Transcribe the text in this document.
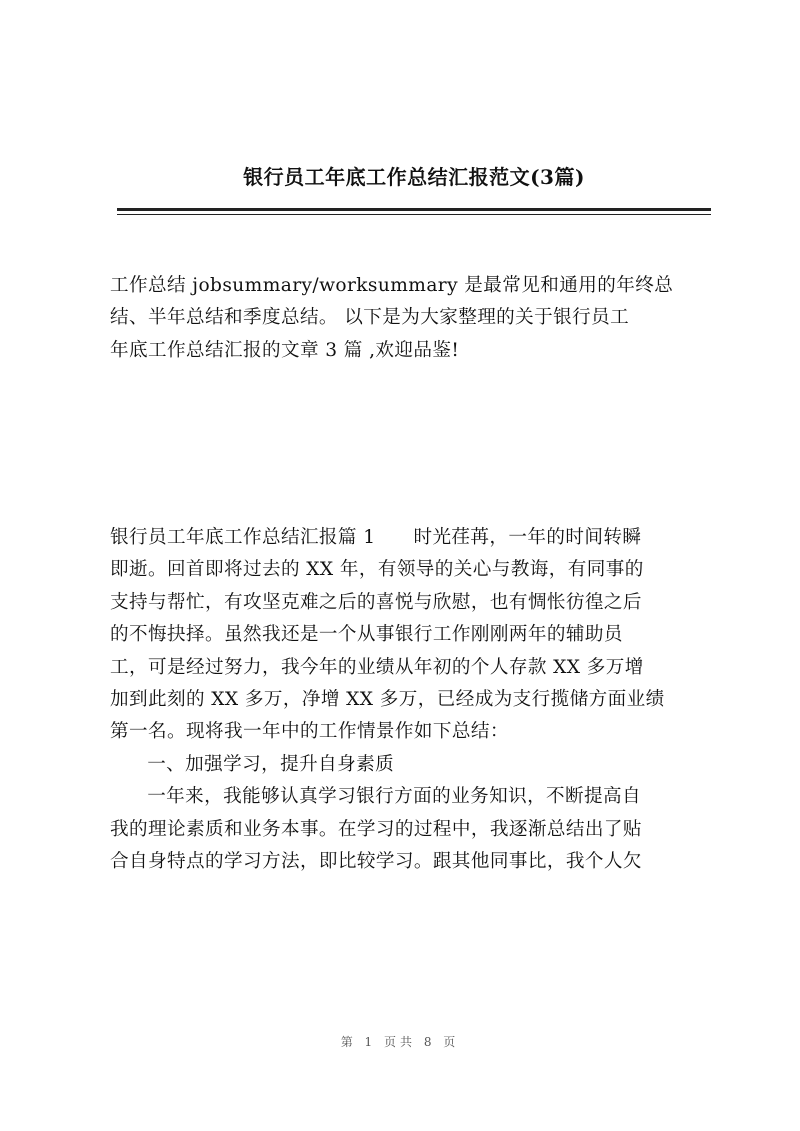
银行员工年底工作总结汇报范文(3篇)
工作总结 jobsummary/worksummary 是最常见和通用的年终总
结、半年总结和季度总结。 以下是为大家整理的关于银行员工
年底工作总结汇报的文章 3 篇 ,欢迎品鉴!
银行员工年底工作总结汇报篇 1　　时光荏苒，一年的时间转瞬
即逝。回首即将过去的 XX 年，有领导的关心与教诲，有同事的
支持与帮忙，有攻坚克难之后的喜悦与欣慰，也有惆怅彷徨之后
的不悔抉择。虽然我还是一个从事银行工作刚刚两年的辅助员
工，可是经过努力，我今年的业绩从年初的个人存款 XX 多万增
加到此刻的 XX 多万，净增 XX 多万，已经成为支行揽储方面业绩
第一名。现将我一年中的工作情景作如下总结：
一、加强学习，提升自身素质
一年来，我能够认真学习银行方面的业务知识，不断提高自
我的理论素质和业务本事。在学习的过程中，我逐渐总结出了贴
合自身特点的学习方法，即比较学习。跟其他同事比，我个人欠
第 1 页共 8 页
